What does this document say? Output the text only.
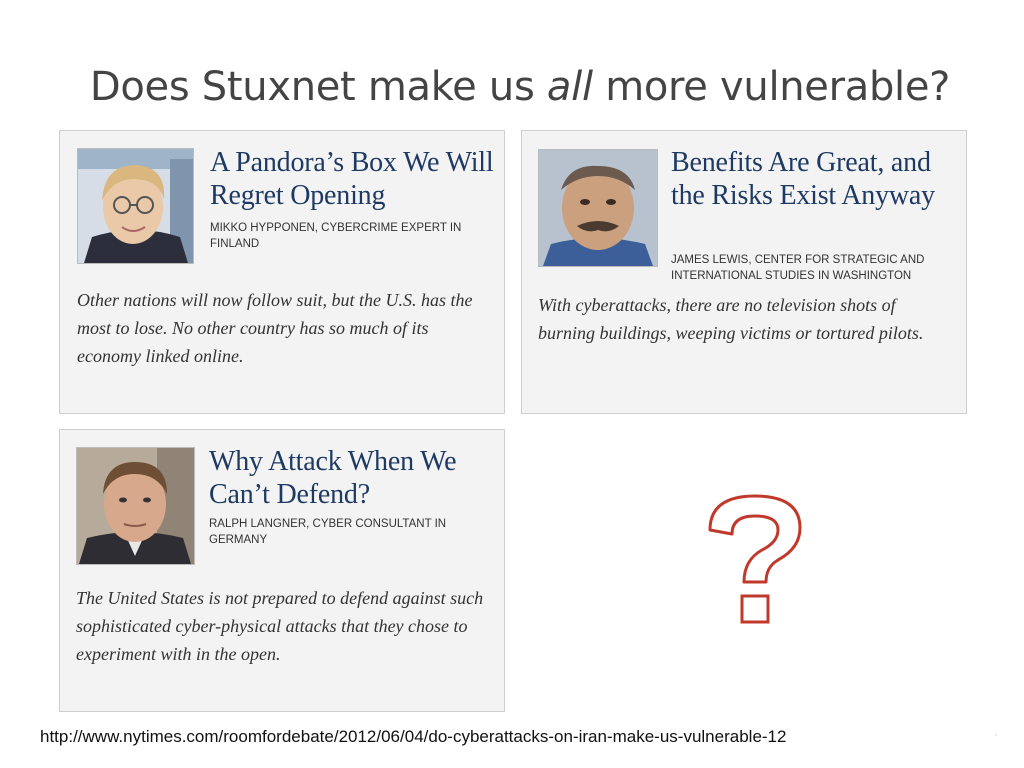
Does Stuxnet make us all more vulnerable?
A Pandora’s Box We Will Regret Opening
MIKKO HYPPONEN, CYBERCRIME EXPERT IN FINLAND
Other nations will now follow suit, but the U.S. has the most to lose. No other country has so much of its economy linked online.
Benefits Are Great, and the Risks Exist Anyway
JAMES LEWIS, CENTER FOR STRATEGIC AND INTERNATIONAL STUDIES IN WASHINGTON
With cyberattacks, there are no television shots of burning buildings, weeping victims or tortured pilots.
Why Attack When We Can’t Defend?
RALPH LANGNER, CYBER CONSULTANT IN GERMANY
The United States is not prepared to defend against such sophisticated cyber-physical attacks that they chose to experiment with in the open.
http://www.nytimes.com/roomfordebate/2012/06/04/do-cyberattacks-on-iran-make-us-vulnerable-12	·
